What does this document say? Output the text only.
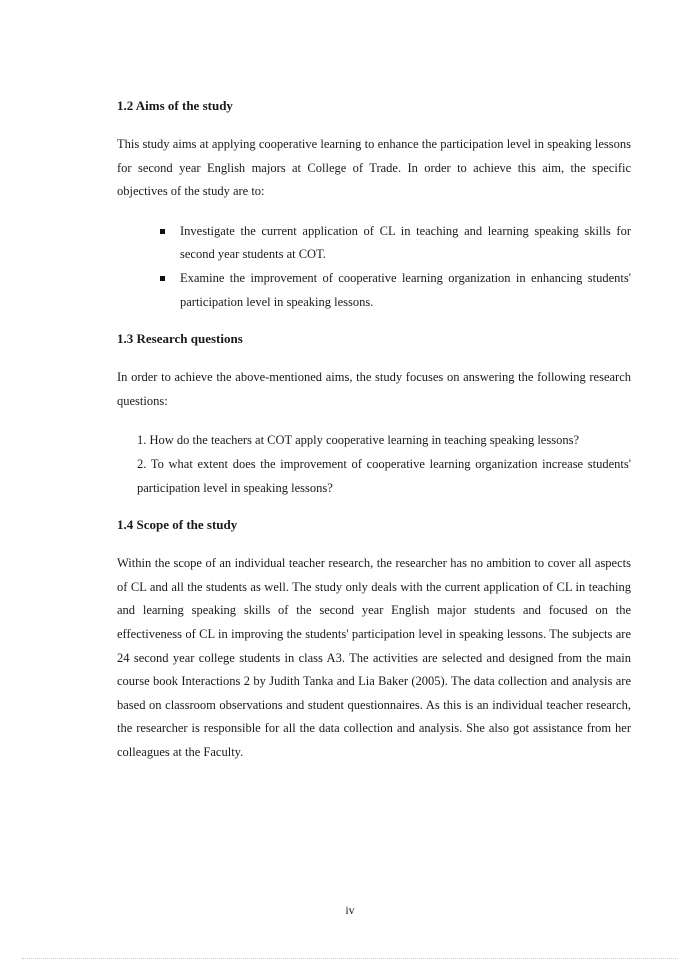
1.2 Aims of the study

This study aims at applying cooperative learning to enhance the participation level in speaking lessons for second year English majors at College of Trade. In order to achieve this aim, the specific objectives of the study are to:

Investigate the current application of CL in teaching and learning speaking skills for second year students at COT.
Examine the improvement of cooperative learning organization in enhancing students' participation level in speaking lessons.
1.3 Research questions

In order to achieve the above-mentioned aims, the study focuses on answering the following research questions:

1. How do the teachers at COT apply cooperative learning in teaching speaking lessons?
2. To what extent does the improvement of cooperative learning organization increase students' participation level in speaking lessons?
1.4 Scope of the study

Within the scope of an individual teacher research, the researcher has no ambition to cover all aspects of CL and all the students as well. The study only deals with the current application of CL in teaching and learning speaking skills of the second year English major students and focused on the effectiveness of CL in improving the students' participation level in speaking lessons. The subjects are 24 second year college students in class A3. The activities are selected and designed from the main course book Interactions 2 by Judith Tanka and Lia Baker (2005). The data collection and analysis are based on classroom observations and student questionnaires. As this is an individual teacher research, the researcher is responsible for all the data collection and analysis. She also got assistance from her colleagues at the Faculty.

iv
